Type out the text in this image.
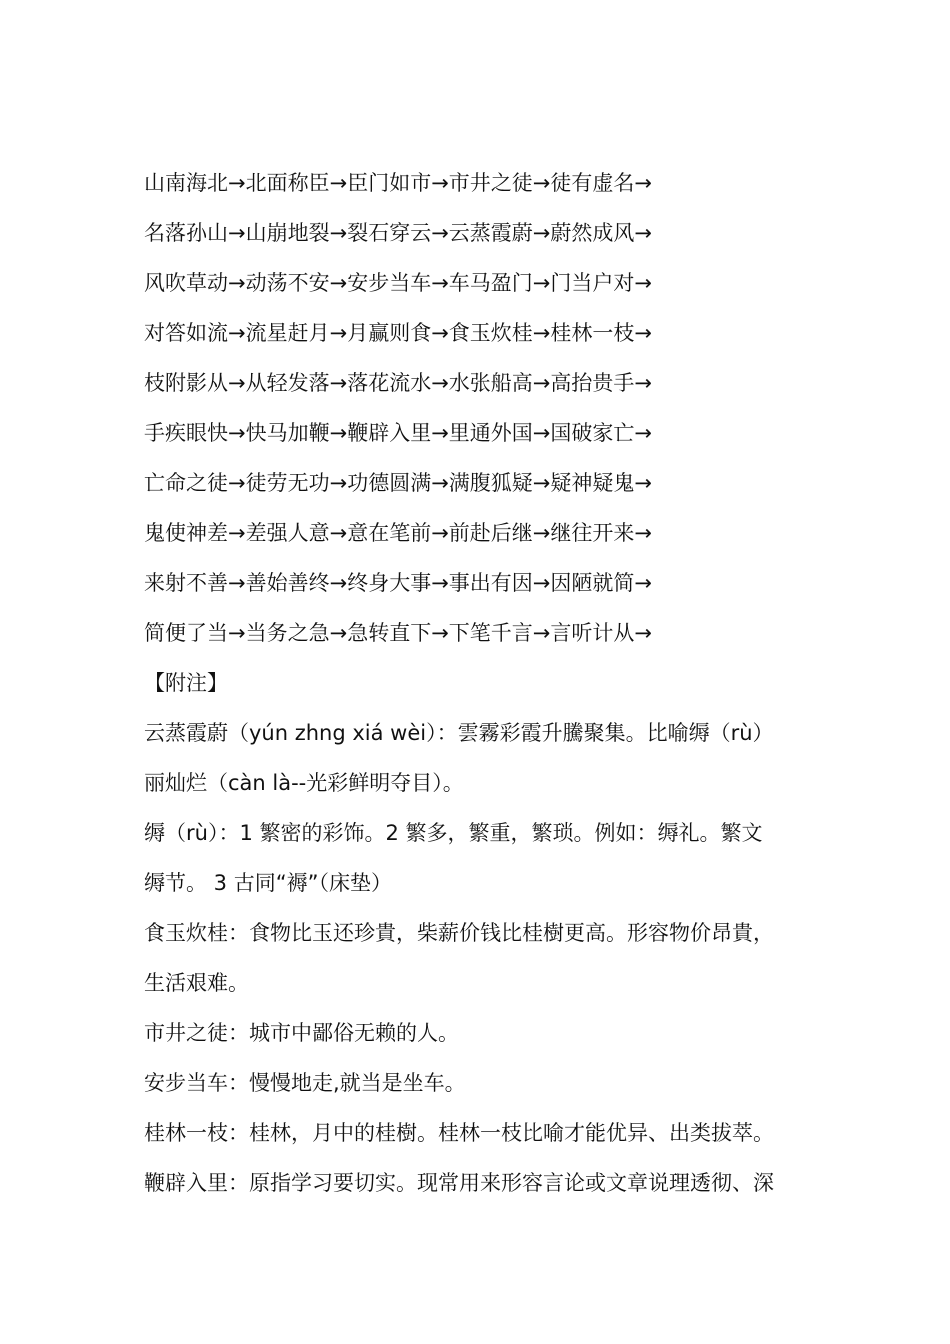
山南海北→北面称臣→臣门如市→市井之徒→徒有虚名→
名落孙山→山崩地裂→裂石穿云→云蒸霞蔚→蔚然成风→
风吹草动→动荡不安→安步当车→车马盈门→门当户对→
对答如流→流星赶月→月赢则食→食玉炊桂→桂林一枝→
枝附影从→从轻发落→落花流水→水张船高→高抬贵手→
手疾眼快→快马加鞭→鞭辟入里→里通外国→国破家亡→
亡命之徒→徒劳无功→功德圆满→满腹狐疑→疑神疑鬼→
鬼使神差→差强人意→意在笔前→前赴后继→继往开来→
来射不善→善始善终→终身大事→事出有因→因陋就简→
简便了当→当务之急→急转直下→下笔千言→言听计从→
【附注】
云蒸霞蔚（yún zhng xiá wèi）：雲霧彩霞升騰聚集。比喻缛（rù）
丽灿烂（càn là--光彩鲜明夺目）。
缛（rù）：1 繁密的彩饰。2 繁多，繁重，繁琐。例如：缛礼。繁文
缛节。 3 古同“褥”（床垫）
食玉炊桂：食物比玉还珍貴，柴薪价钱比桂樹更高。形容物价昂貴，
生活艰难。
市井之徒：城市中鄙俗无赖的人。
安步当车：慢慢地走,就当是坐车。
桂林一枝：桂林，月中的桂樹。桂林一枝比喻才能优异、出类拔萃。
鞭辟入里：原指学习要切实。现常用来形容言论或文章说理透彻、深
